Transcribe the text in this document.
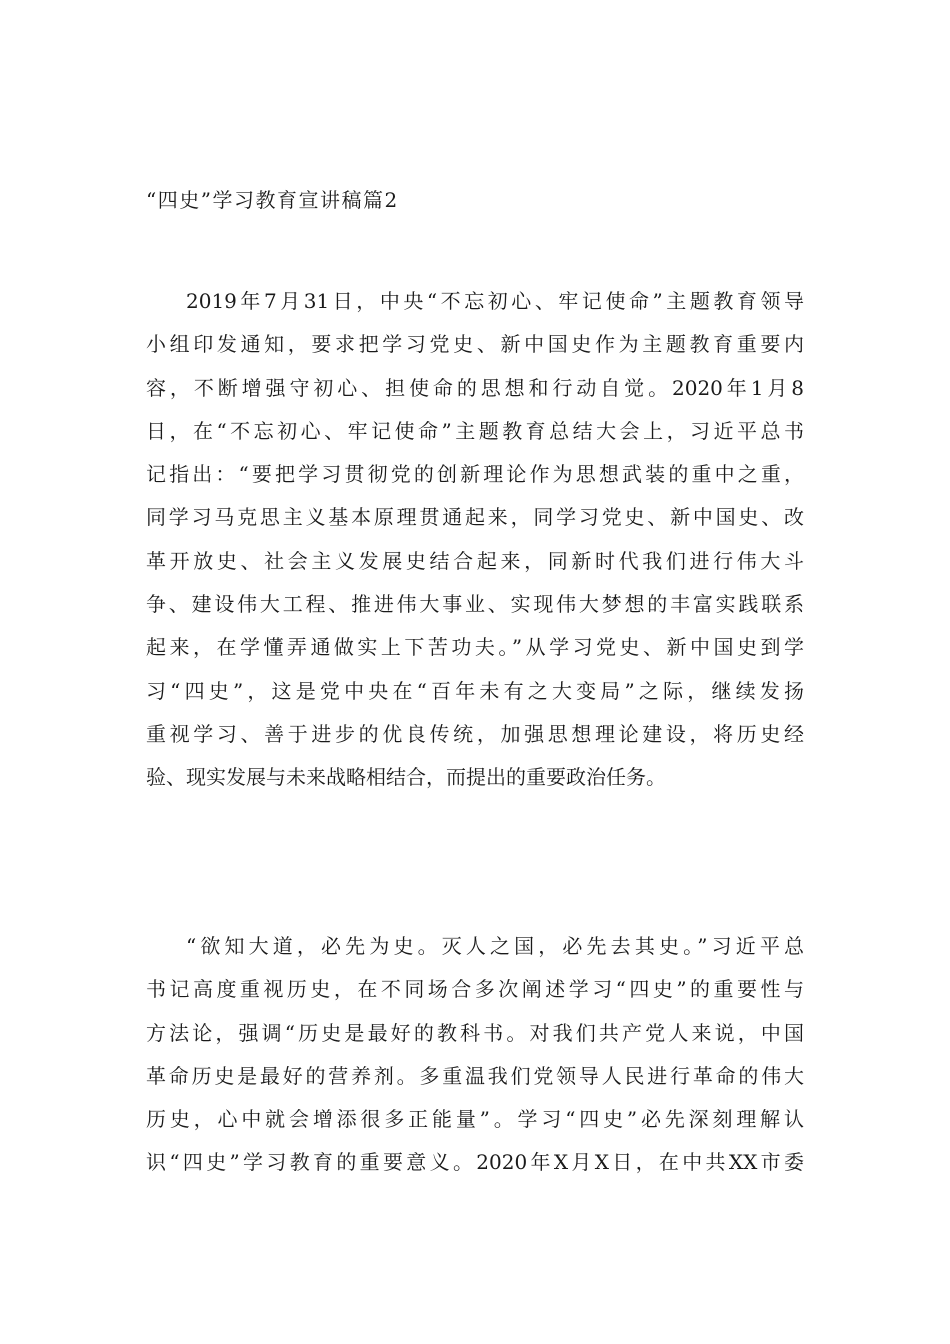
“四史”学习教育宣讲稿篇2
2019年7月31日，中央“不忘初心、牢记使命”主题教育领导
小组印发通知，要求把学习党史、新中国史作为主题教育重要内
容，不断增强守初心、担使命的思想和行动自觉。2020年1月8
日，在“不忘初心、牢记使命”主题教育总结大会上，习近平总书
记指出：“要把学习贯彻党的创新理论作为思想武装的重中之重，
同学习马克思主义基本原理贯通起来，同学习党史、新中国史、改
革开放史、社会主义发展史结合起来，同新时代我们进行伟大斗
争、建设伟大工程、推进伟大事业、实现伟大梦想的丰富实践联系
起来，在学懂弄通做实上下苦功夫。”从学习党史、新中国史到学
习“四史”，这是党中央在“百年未有之大变局”之际，继续发扬
重视学习、善于进步的优良传统，加强思想理论建设，将历史经
验、现实发展与未来战略相结合，而提出的重要政治任务。
“欲知大道，必先为史。灭人之国，必先去其史。”习近平总
书记高度重视历史，在不同场合多次阐述学习“四史”的重要性与
方法论，强调“历史是最好的教科书。对我们共产党人来说，中国
革命历史是最好的营养剂。多重温我们党领导人民进行革命的伟大
历史，心中就会增添很多正能量”。学习“四史”必先深刻理解认
识“四史”学习教育的重要意义。2020年X月X日，在中共XX市委
